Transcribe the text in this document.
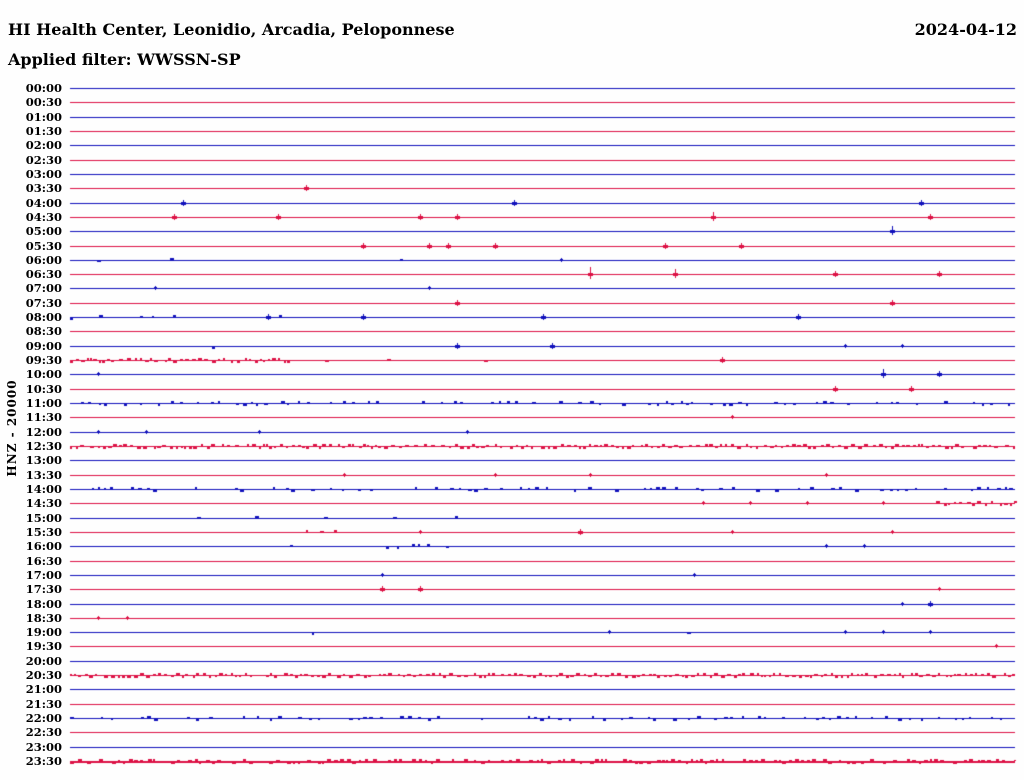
HI Health Center, Leonidio, Arcadia, Peloponnese	2024-04-12
Applied filter: WWSSN-SP
HNZ - 20000
00:00
00:30
01:00
01:30
02:00
02:30
03:00
03:30
04:00
04:30
05:00
05:30
06:00
06:30
07:00
07:30
08:00
08:30
09:00
09:30
10:00
10:30
11:00
11:30
12:00
12:30
13:00
13:30
14:00
14:30
15:00
15:30
16:00
16:30
17:00
17:30
18:00
18:30
19:00
19:30
20:00
20:30
21:00
21:30
22:00
22:30
23:00
23:30
